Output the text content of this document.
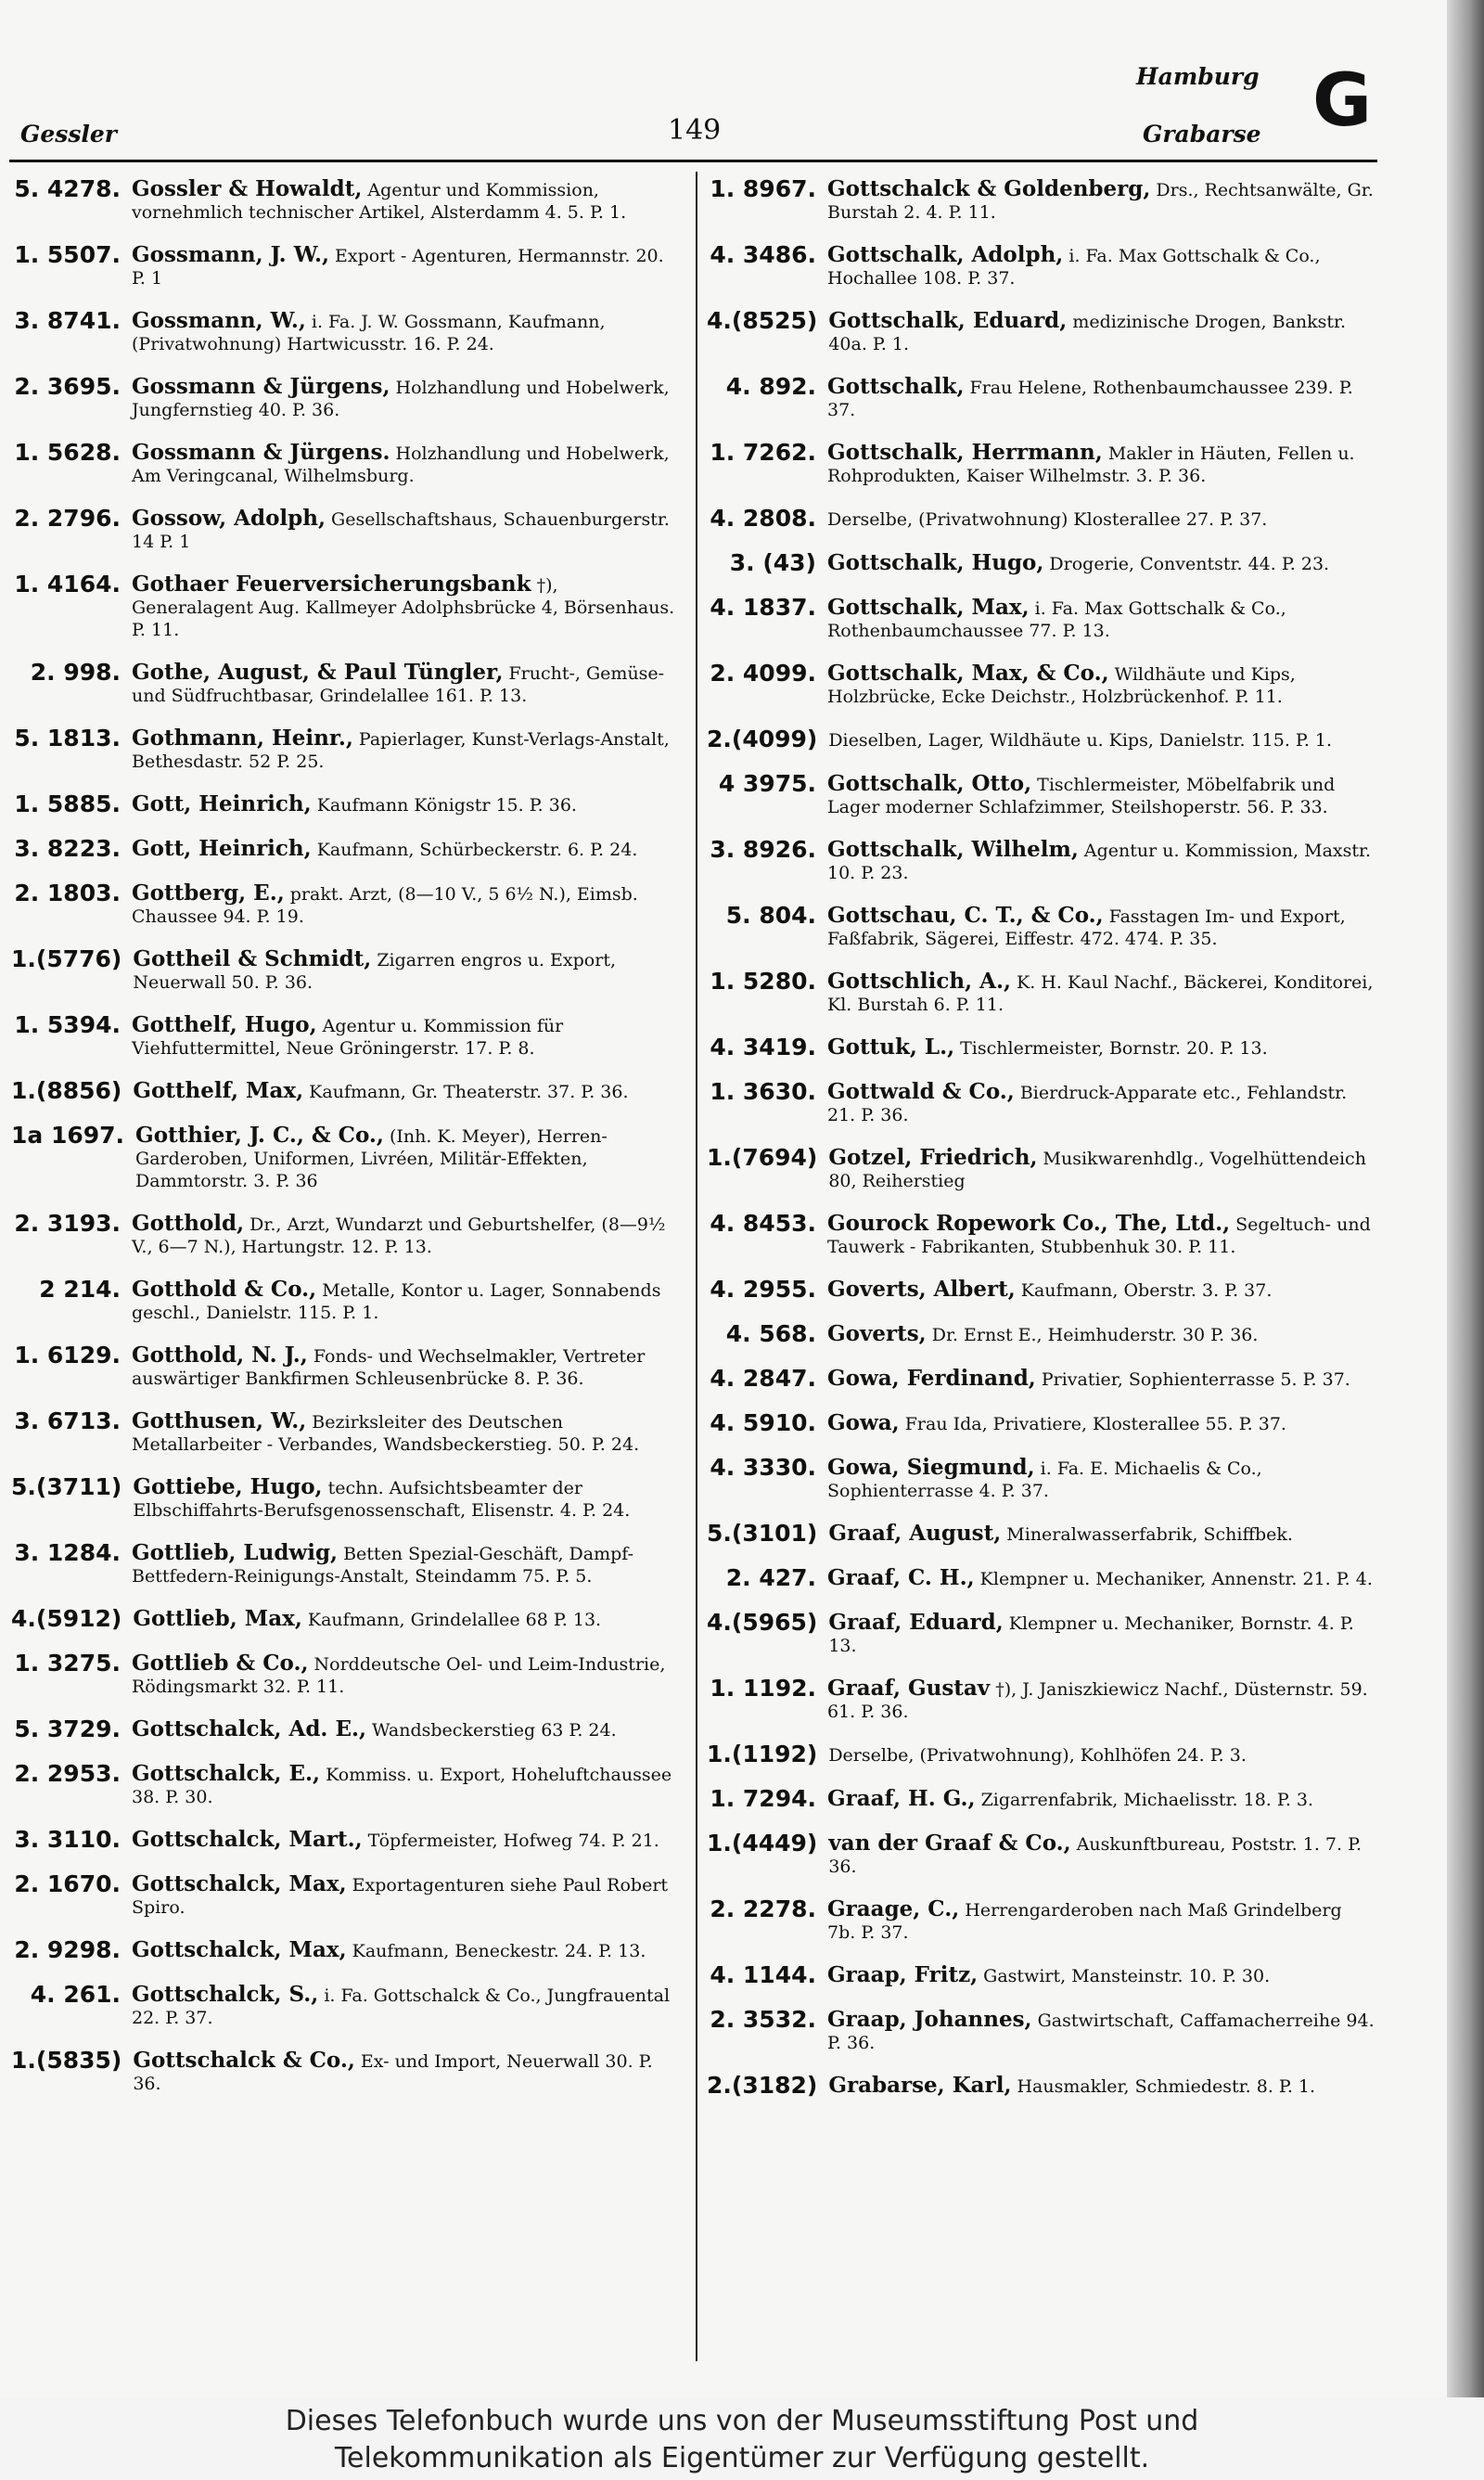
Gessler	149
Hamburg
Grabarse G
5. 4278. Gossler & Howaldt, Agentur und Kommission, vornehmlich technischer Artikel, Alsterdamm 4. 5. P. 1.
1. 5507. Gossmann, J. W., Export - Agenturen, Hermannstr. 20. P. 1
3. 8741. Gossmann, W., i. Fa. J. W. Gossmann, Kaufmann, (Privatwohnung) Hartwicusstr. 16. P. 24.
2. 3695. Gossmann & Jürgens, Holzhandlung und Hobelwerk, Jungfernstieg 40. P. 36.
1. 5628. Gossmann & Jürgens. Holzhandlung und Hobelwerk, Am Veringcanal, Wilhelmsburg.
2. 2796. Gossow, Adolph, Gesellschaftshaus, Schauenburgerstr. 14 P. 1
1. 4164. Gothaer Feuerversicherungsbank †), Generalagent Aug. Kallmeyer Adolphsbrücke 4, Börsenhaus. P. 11.
2. 998. Gothe, August, & Paul Tüngler, Frucht-, Gemüse- und Südfruchtbasar, Grindelallee 161. P. 13.
5. 1813. Gothmann, Heinr., Papierlager, Kunst-Verlags-Anstalt, Bethesdastr. 52 P. 25.
1. 5885. Gott, Heinrich, Kaufmann Königstr 15. P. 36.
3. 8223. Gott, Heinrich, Kaufmann, Schürbeckerstr. 6. P. 24.
2. 1803. Gottberg, E., prakt. Arzt, (8—10 V., 5 6½ N.), Eimsb. Chaussee 94. P. 19.
1.(5776) Gottheil & Schmidt, Zigarren engros u. Export, Neuerwall 50. P. 36.
1. 5394. Gotthelf, Hugo, Agentur u. Kommission für Viehfuttermittel, Neue Gröningerstr. 17. P. 8.
1.(8856) Gotthelf, Max, Kaufmann, Gr. Theaterstr. 37. P. 36.
1a 1697. Gotthier, J. C., & Co., (Inh. K. Meyer), Herren-Garderoben, Uniformen, Livréen, Militär-Effekten, Dammtorstr. 3. P. 36
2. 3193. Gotthold, Dr., Arzt, Wundarzt und Geburtshelfer, (8—9½ V., 6—7 N.), Hartungstr. 12. P. 13.
2 214. Gotthold & Co., Metalle, Kontor u. Lager, Sonnabends geschl., Danielstr. 115. P. 1.
1. 6129. Gotthold, N. J., Fonds- und Wechselmakler, Vertreter auswärtiger Bankfirmen Schleusenbrücke 8. P. 36.
3. 6713. Gotthusen, W., Bezirksleiter des Deutschen Metallarbeiter - Verbandes, Wandsbeckerstieg. 50. P. 24.
5.(3711) Gottiebe, Hugo, techn. Aufsichtsbeamter der Elbschiffahrts-Berufsgenossenschaft, Elisenstr. 4. P. 24.
3. 1284. Gottlieb, Ludwig, Betten Spezial-Geschäft, Dampf-Bettfedern-Reinigungs-Anstalt, Steindamm 75. P. 5.
4.(5912) Gottlieb, Max, Kaufmann, Grindelallee 68 P. 13.
1. 3275. Gottlieb & Co., Norddeutsche Oel- und Leim-Industrie, Rödingsmarkt 32. P. 11.
5. 3729. Gottschalck, Ad. E., Wandsbeckerstieg 63 P. 24.
2. 2953. Gottschalck, E., Kommiss. u. Export, Hoheluftchaussee 38. P. 30.
3. 3110. Gottschalck, Mart., Töpfermeister, Hofweg 74. P. 21.
2. 1670. Gottschalck, Max, Exportagenturen siehe Paul Robert Spiro.
2. 9298. Gottschalck, Max, Kaufmann, Beneckestr. 24. P. 13.
4. 261. Gottschalck, S., i. Fa. Gottschalck & Co., Jungfrauental 22. P. 37.
1.(5835) Gottschalck & Co., Ex- und Import, Neuerwall 30. P. 36.
1. 8967. Gottschalck & Goldenberg, Drs., Rechtsanwälte, Gr. Burstah 2. 4. P. 11.
4. 3486. Gottschalk, Adolph, i. Fa. Max Gottschalk & Co., Hochallee 108. P. 37.
4.(8525) Gottschalk, Eduard, medizinische Drogen, Bankstr. 40a. P. 1.
4. 892. Gottschalk, Frau Helene, Rothenbaumchaussee 239. P. 37.
1. 7262. Gottschalk, Herrmann, Makler in Häuten, Fellen u. Rohprodukten, Kaiser Wilhelmstr. 3. P. 36.
4. 2808. Derselbe, (Privatwohnung) Klosterallee 27. P. 37.
3. (43) Gottschalk, Hugo, Drogerie, Conventstr. 44. P. 23.
4. 1837. Gottschalk, Max, i. Fa. Max Gottschalk & Co., Rothenbaumchaussee 77. P. 13.
2. 4099. Gottschalk, Max, & Co., Wildhäute und Kips, Holzbrücke, Ecke Deichstr., Holzbrückenhof. P. 11.
2.(4099) Dieselben, Lager, Wildhäute u. Kips, Danielstr. 115. P. 1.
4 3975. Gottschalk, Otto, Tischlermeister, Möbelfabrik und Lager moderner Schlafzimmer, Steilshoperstr. 56. P. 33.
3. 8926. Gottschalk, Wilhelm, Agentur u. Kommission, Maxstr. 10. P. 23.
5. 804. Gottschau, C. T., & Co., Fasstagen Im- und Export, Faßfabrik, Sägerei, Eiffestr. 472. 474. P. 35.
1. 5280. Gottschlich, A., K. H. Kaul Nachf., Bäckerei, Konditorei, Kl. Burstah 6. P. 11.
4. 3419. Gottuk, L., Tischlermeister, Bornstr. 20. P. 13.
1. 3630. Gottwald & Co., Bierdruck-Apparate etc., Fehlandstr. 21. P. 36.
1.(7694) Gotzel, Friedrich, Musikwarenhdlg., Vogelhüttendeich 80, Reiherstieg
4. 8453. Gourock Ropework Co., The, Ltd., Segeltuch- und Tauwerk - Fabrikanten, Stubbenhuk 30. P. 11.
4. 2955. Goverts, Albert, Kaufmann, Oberstr. 3. P. 37.
4. 568. Goverts, Dr. Ernst E., Heimhuderstr. 30 P. 36.
4. 2847. Gowa, Ferdinand, Privatier, Sophienterrasse 5. P. 37.
4. 5910. Gowa, Frau Ida, Privatiere, Klosterallee 55. P. 37.
4. 3330. Gowa, Siegmund, i. Fa. E. Michaelis & Co., Sophienterrasse 4. P. 37.
5.(3101) Graaf, August, Mineralwasserfabrik, Schiffbek.
2. 427. Graaf, C. H., Klempner u. Mechaniker, Annenstr. 21. P. 4.
4.(5965) Graaf, Eduard, Klempner u. Mechaniker, Bornstr. 4. P. 13.
1. 1192. Graaf, Gustav †), J. Janiszkiewicz Nachf., Düsternstr. 59. 61. P. 36.
1.(1192) Derselbe, (Privatwohnung), Kohlhöfen 24. P. 3.
1. 7294. Graaf, H. G., Zigarrenfabrik, Michaelisstr. 18. P. 3.
1.(4449) van der Graaf & Co., Auskunftbureau, Poststr. 1. 7. P. 36.
2. 2278. Graage, C., Herrengarderoben nach Maß Grindelberg 7b. P. 37.
4. 1144. Graap, Fritz, Gastwirt, Mansteinstr. 10. P. 30.
2. 3532. Graap, Johannes, Gastwirtschaft, Caffamacherreihe 94. P. 36.
2.(3182) Grabarse, Karl, Hausmakler, Schmiedestr. 8. P. 1.
Dieses Telefonbuch wurde uns von der Museumsstiftung Post und
Telekommunikation als Eigentümer zur Verfügung gestellt.
